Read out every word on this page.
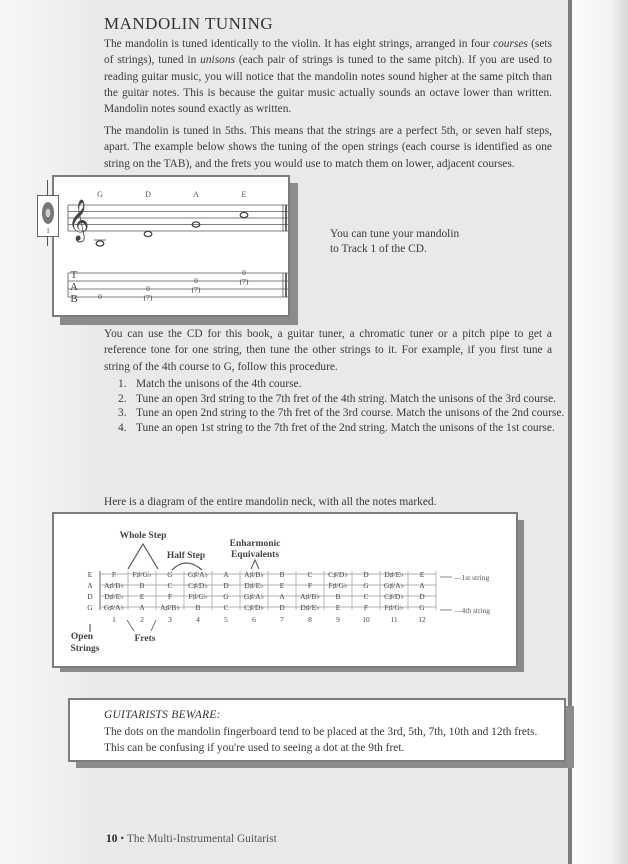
MANDOLIN TUNING
The mandolin is tuned identically to the violin. It has eight strings, arranged in four courses (sets of strings), tuned in unisons (each pair of strings is tuned to the same pitch). If you are used to reading guitar music, you will notice that the mandolin notes sound higher at the same pitch than the guitar notes. This is because the guitar music actually sounds an octave lower than written. Mandolin notes sound exactly as written.
The mandolin is tuned in 5ths. This means that the strings are a perfect 5th, or seven half steps, apart. The example below shows the tuning of the open strings (each course is identified as one string on the TAB), and the frets you would use to match them on lower, adjacent courses.
G	D	A	E
𝄞
T
A
B	0
0
(7)
0
(7)
0
(7)
1	You can tune your mandolin
to Track 1 of the CD.
You can use the CD for this book, a guitar tuner, a chromatic tuner or a pitch pipe to get a reference tone for one string, then tune the other strings to it. For example, if you first tune a string of the 4th course to G, follow this procedure.
1. Match the unisons of the 4th course.
2. Tune an open 3rd string to the 7th fret of the 4th string. Match the unisons of the 3rd course.
3. Tune an open 2nd string to the 7th fret of the 3rd course. Match the unisons of the 2nd course.
4. Tune an open 1st string to the 7th fret of the 2nd string. Match the unisons of the 1st course.
Here is a diagram of the entire mandolin neck, with all the notes marked.
Whole Step
Half Step
Enharmonic
Equivalents
E
A
D
G
F F♯/G♭ G G♯/A♭ A A♯/B♭ B	C C♯/D♭ D D♯/E♭ E
A♯/B♭ B	C C♯/D♭ D D♯/E♭ E	F F♯/G♭ G G♯/A♭ A
D♯/E♭ E	F F♯/G♭ G G♯/A♭ A A♯/B♭ B	C C♯/D♭ D
G♯/A♭ A A♯/B♭ B	C C♯/D♭ D D♯/E♭ E	F F♯/G♭ G
1	2	3	4	5	6	7	8	9	10	11	12
—1st string
—4th string
Open
Strings
Frets
GUITARISTS BEWARE:
The dots on the mandolin fingerboard tend to be placed at the 3rd, 5th, 7th, 10th and 12th frets. This can be confusing if you're used to seeing a dot at the 9th fret.
10 • The Multi-Instrumental Guitarist
